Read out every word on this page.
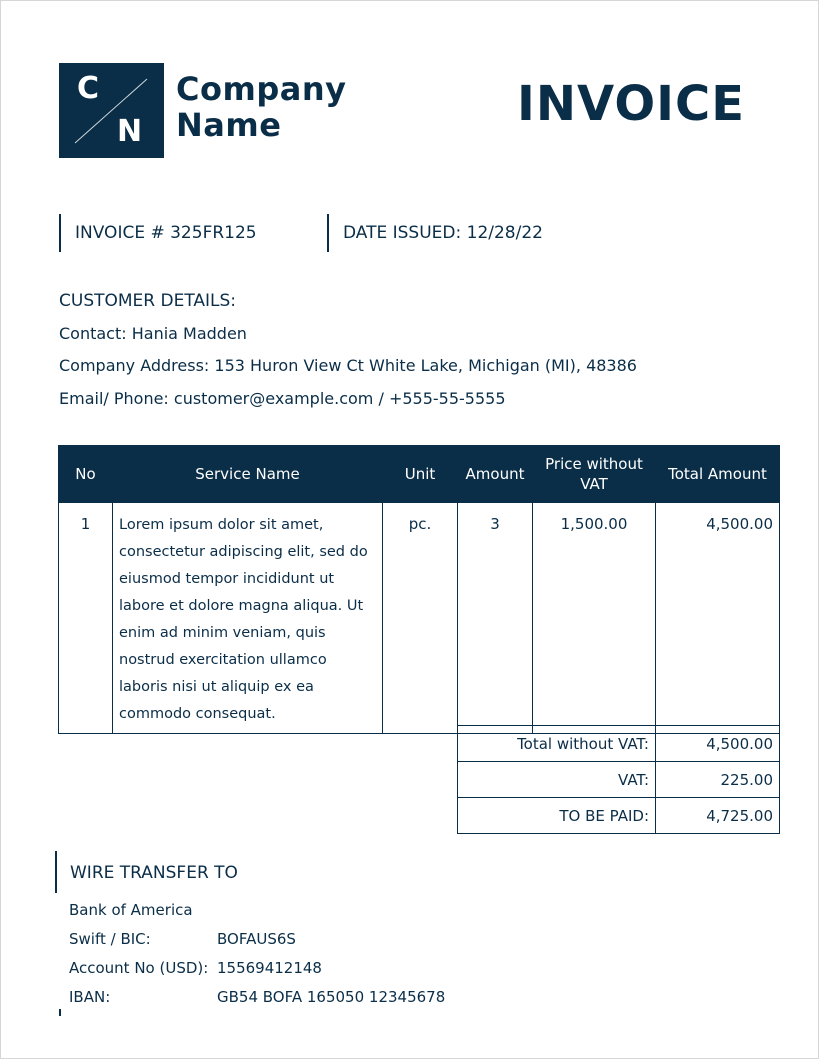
C
N
Company Name	INVOICE
INVOICE # 325FR125	DATE ISSUED: 12/28/22
CUSTOMER DETAILS:
Contact: Hania Madden
Company Address: 153 Huron View Ct White Lake, Michigan (MI), 48386
Email/ Phone: customer@example.com / +555-55-5555
No	Service Name	Unit	Amount	Price without VAT	Total Amount
1	Lorem ipsum dolor sit amet, consectetur adipiscing elit, sed do eiusmod tempor incididunt ut labore et dolore magna aliqua. Ut enim ad minim veniam, quis nostrud exercitation ullamco laboris nisi ut aliquip ex ea commodo consequat.	pc.	3	1,500.00	4,500.00
Total without VAT:	4,500.00
VAT:	225.00
TO BE PAID:	4,725.00
WIRE TRANSFER TO
Bank of America
Swift / BIC:	BOFAUS6S
Account No (USD): 15569412148
IBAN:	GB54 BOFA 165050 12345678
